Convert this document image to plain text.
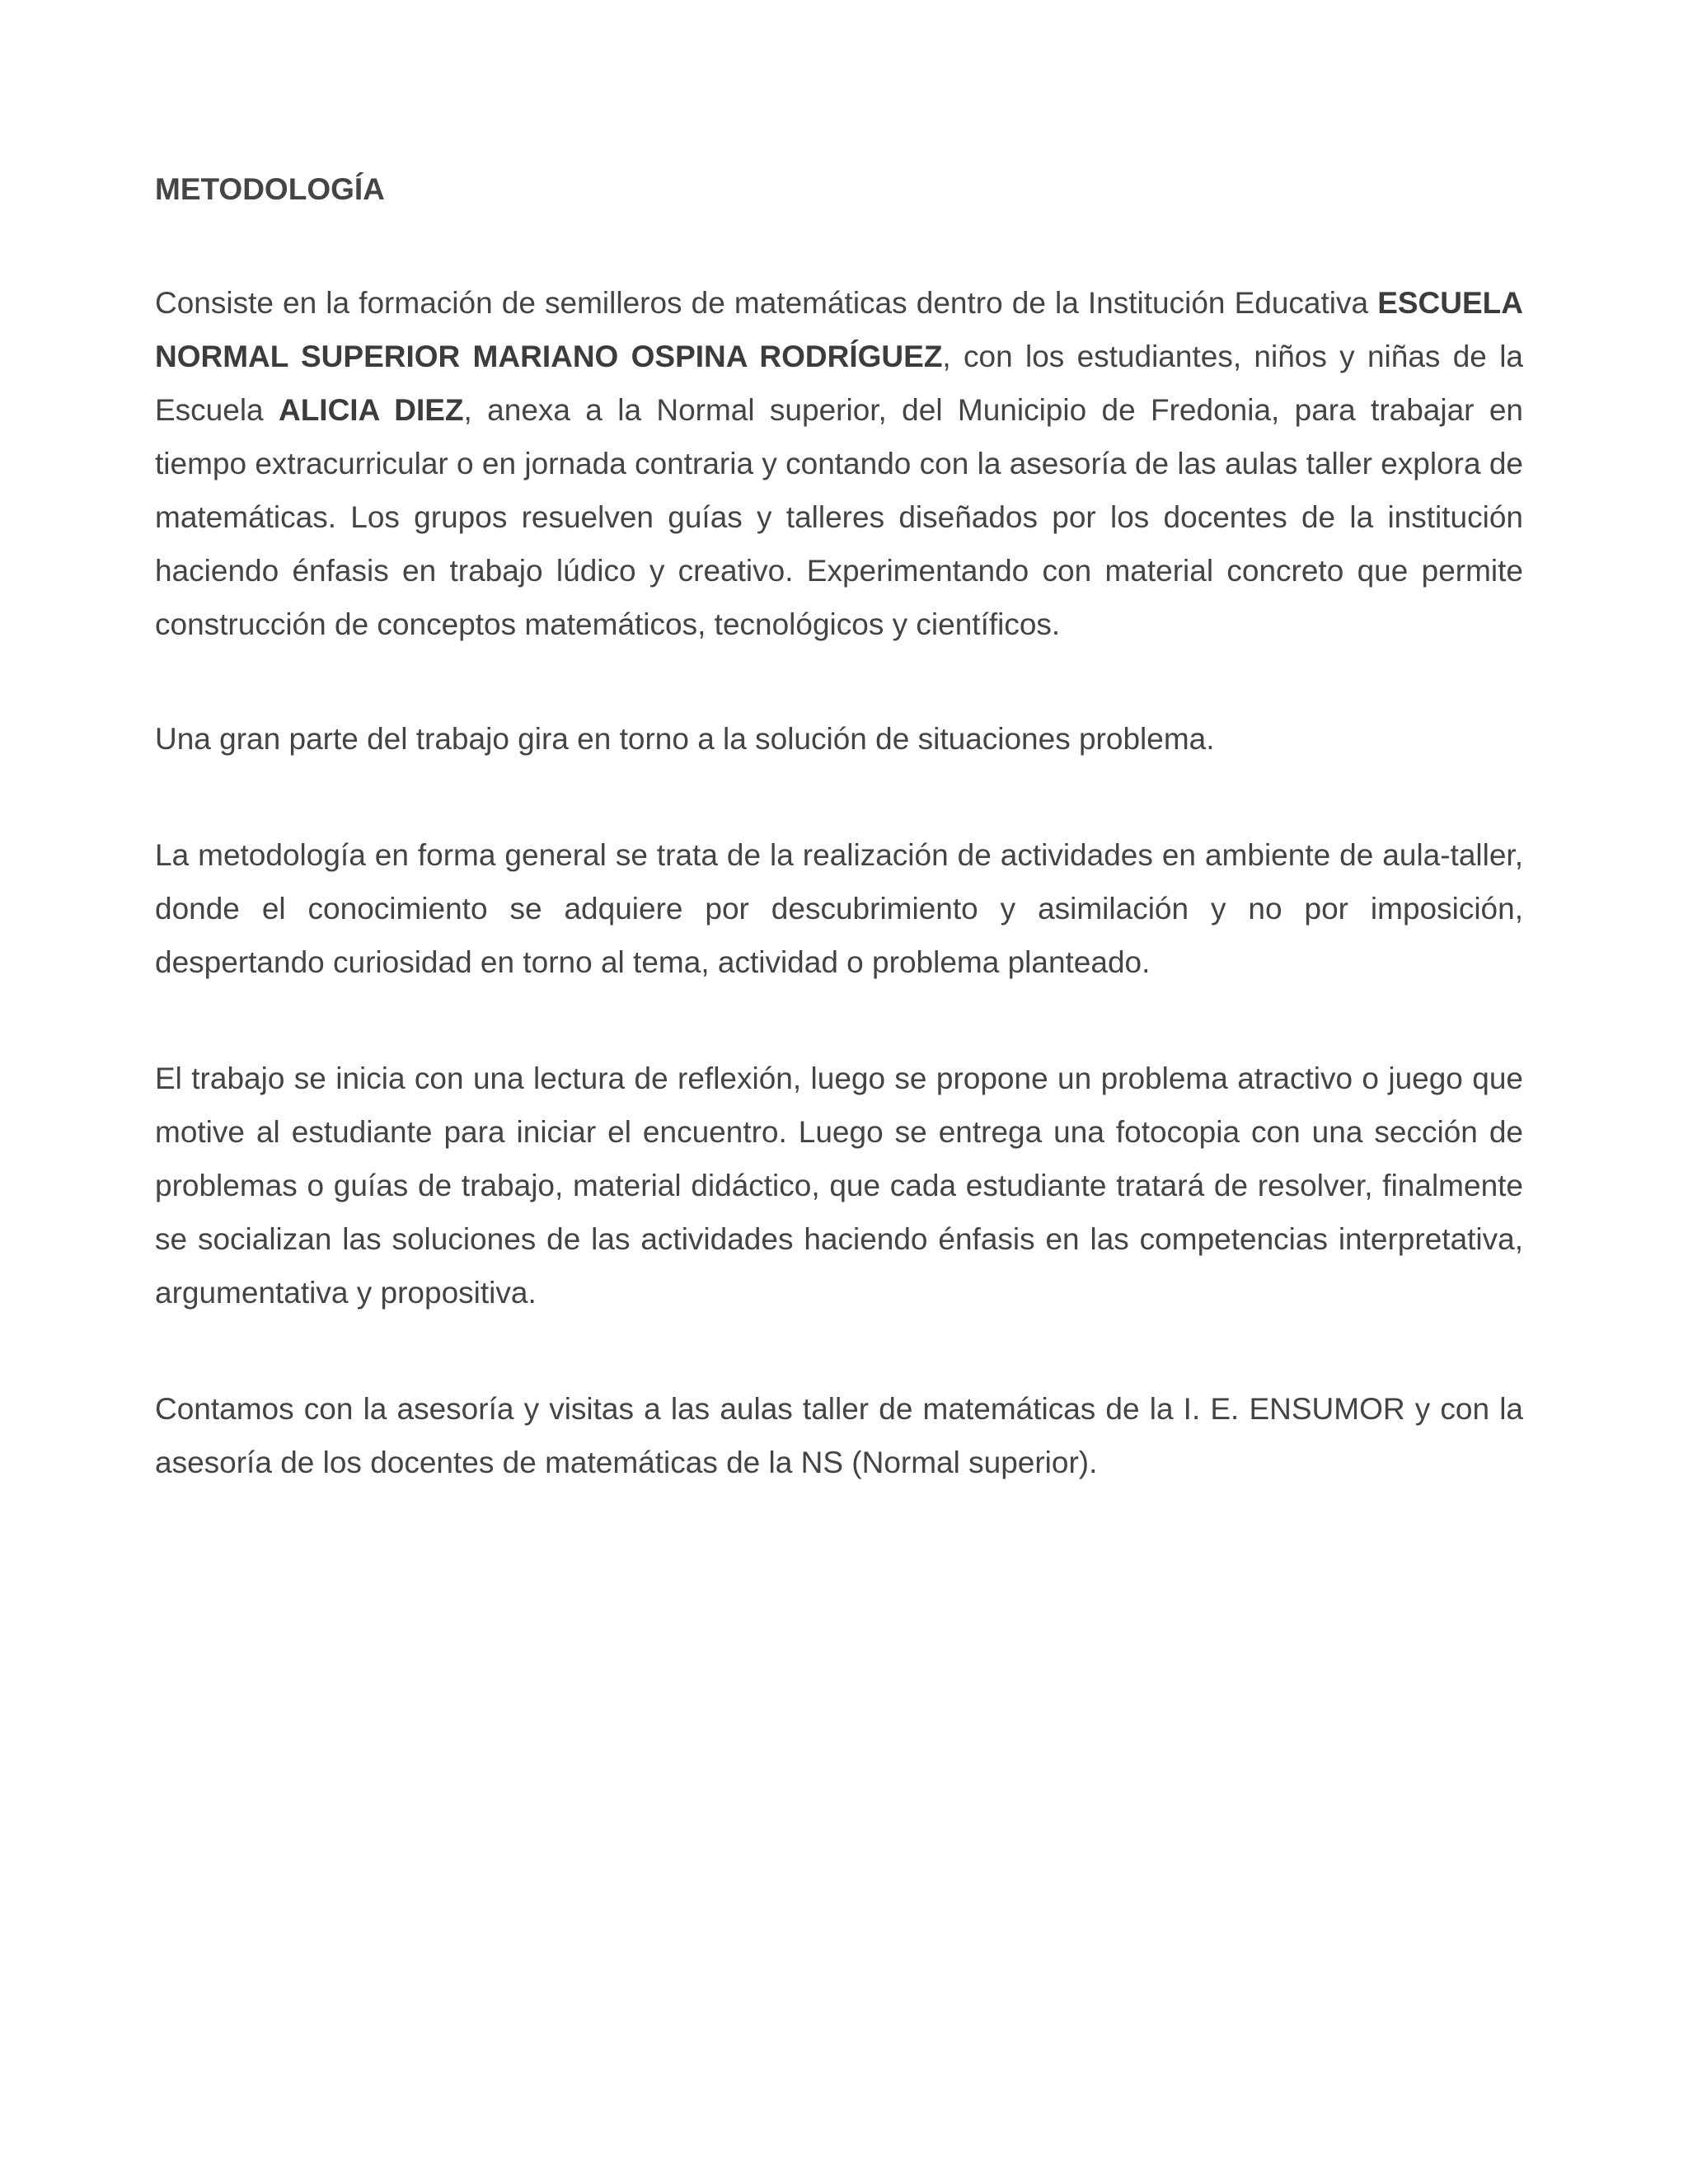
METODOLOGÍA

Consiste en la formación de semilleros de matemáticas dentro de la Institución Educativa ESCUELA NORMAL SUPERIOR MARIANO OSPINA RODRÍGUEZ, con los estudiantes, niños y niñas de la Escuela ALICIA DIEZ, anexa a la Normal superior, del Municipio de Fredonia, para trabajar en tiempo extracurricular o en jornada contraria y contando con la asesoría de las aulas taller explora de matemáticas. Los grupos resuelven guías y talleres diseñados por los docentes de la institución haciendo énfasis en trabajo lúdico y creativo. Experimentando con material concreto que permite construcción de conceptos matemáticos, tecnológicos y científicos.

Una gran parte del trabajo gira en torno a la solución de situaciones problema.

La metodología en forma general se trata de la realización de actividades en ambiente de aula-taller, donde el conocimiento se adquiere por descubrimiento y asimilación y no por imposición, despertando curiosidad en torno al tema, actividad o problema planteado.

El trabajo se inicia con una lectura de reflexión, luego se propone un problema atractivo o juego que motive al estudiante para iniciar el encuentro. Luego se entrega una fotocopia con una sección de problemas o guías de trabajo, material didáctico, que cada estudiante tratará de resolver, finalmente se socializan las soluciones de las actividades haciendo énfasis en las competencias interpretativa, argumentativa y propositiva.

Contamos con la asesoría y visitas a las aulas taller de matemáticas de la I. E. ENSUMOR y con la asesoría de los docentes de matemáticas de la NS (Normal superior).
